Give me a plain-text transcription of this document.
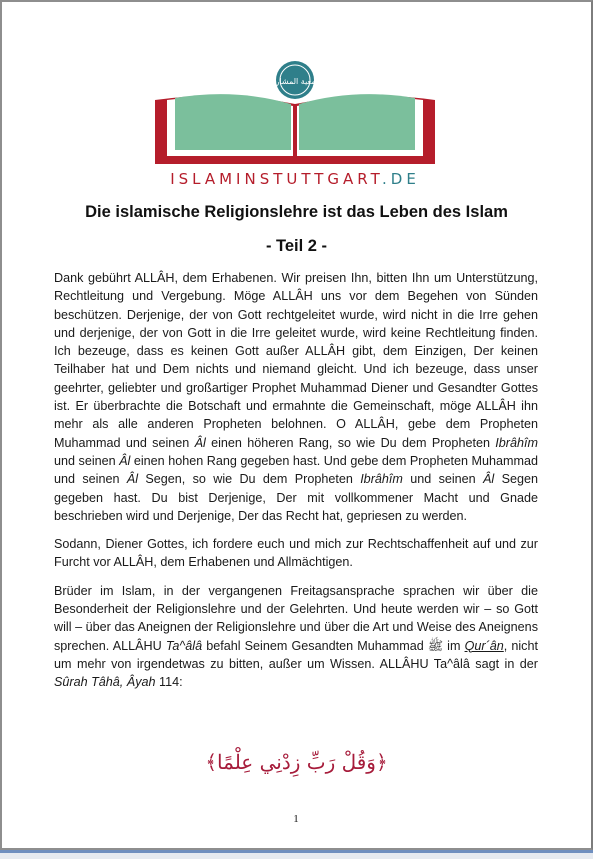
جمعية المشاريع
ISLAMINSTUTTGART.DE
Die islamische Religionslehre ist das Leben des Islam
- Teil 2 -

Dank gebührt ALLÂH, dem Erhabenen. Wir preisen Ihn, bitten Ihn um Unterstützung, Rechtleitung und Vergebung. Möge ALLÂH uns vor dem Begehen von Sünden beschützen. Derjenige, der von Gott rechtgeleitet wurde, wird nicht in die Irre gehen und derjenige, der von Gott in die Irre geleitet wurde, wird keine Rechtleitung finden. Ich bezeuge, dass es keinen Gott außer ALLÂH gibt, dem Einzigen, Der keinen Teilhaber hat und Dem nichts und niemand gleicht. Und ich bezeuge, dass unser geehrter, geliebter und großartiger Prophet Muhammad Diener und Gesandter Gottes ist. Er überbrachte die Botschaft und ermahnte die Gemeinschaft, möge ALLÂH ihn mehr als alle anderen Propheten belohnen. O ALLÂH, gebe dem Propheten Muhammad und seinen Âl einen höheren Rang, so wie Du dem Propheten Ibrâhîm und seinen Âl einen hohen Rang gegeben hast. Und gebe dem Propheten Muhammad und seinen Âl Segen, so wie Du dem Propheten Ibrâhîm und seinen Âl Segen gegeben hast. Du bist Derjenige, Der mit vollkommener Macht und Gnade beschrieben wird und Derjenige, Der das Recht hat, gepriesen zu werden.

Sodann, Diener Gottes, ich fordere euch und mich zur Rechtschaffenheit auf und zur Furcht vor ALLÂH, dem Erhabenen und Allmächtigen.

Brüder im Islam, in der vergangenen Freitagsansprache sprachen wir über die Besonderheit der Religionslehre und der Gelehrten. Und heute werden wir – so Gott will – über das Aneignen der Religionslehre und über die Art und Weise des Aneignens sprechen. ALLÂHU Ta^âlâ befahl Seinem Gesandten Muhammad ﷺ im Qur´ân, nicht um mehr von irgendetwas zu bitten, außer um Wissen. ALLÂHU Ta^âlâ sagt in der Sûrah Tâhâ, Âyah 114:

﴿وَقُلْ رَبِّ زِدْنِي عِلْمًا﴾
1
